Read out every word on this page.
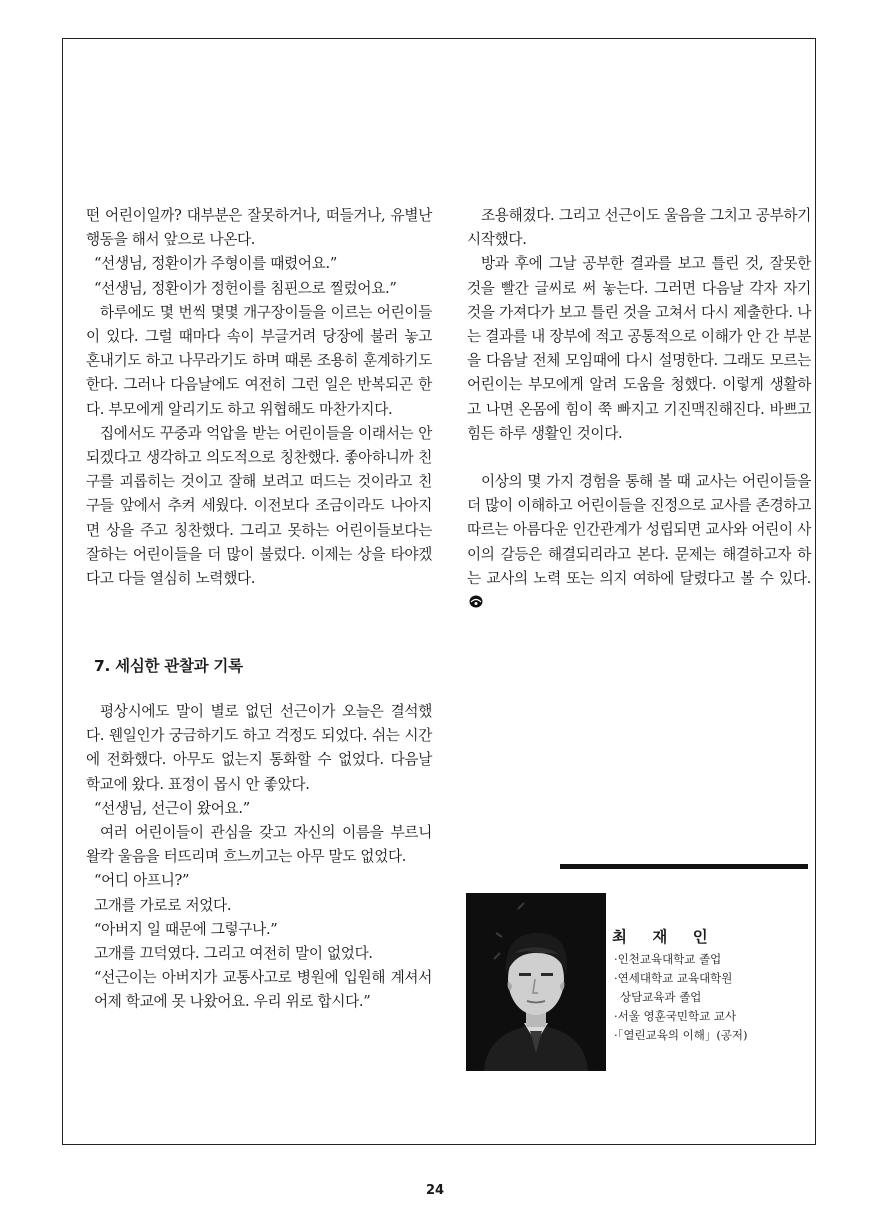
떤 어린이일까? 대부분은 잘못하거나, 떠들거나, 유별난 행동을 해서 앞으로 나온다.

“선생님, 정환이가 주형이를 때렸어요.”

“선생님, 정환이가 정헌이를 침핀으로 찔렀어요.”

하루에도 몇 번씩 몇몇 개구장이들을 이르는 어린이들이 있다. 그럴 때마다 속이 부글거려 당장에 불러 놓고 혼내기도 하고 나무라기도 하며 때론 조용히 훈계하기도 한다. 그러나 다음날에도 여전히 그런 일은 반복되곤 한다. 부모에게 알리기도 하고 위협해도 마찬가지다.

집에서도 꾸중과 억압을 받는 어린이들을 이래서는 안 되겠다고 생각하고 의도적으로 칭찬했다. 좋아하니까 친구를 괴롭히는 것이고 잘해 보려고 떠드는 것이라고 친구들 앞에서 추켜 세웠다. 이전보다 조금이라도 나아지면 상을 주고 칭찬했다. 그리고 못하는 어린이들보다는 잘하는 어린이들을 더 많이 불렀다. 이제는 상을 타야겠다고 다들 열심히 노력했다.

7. 세심한 관찰과 기록

평상시에도 말이 별로 없던 선근이가 오늘은 결석했다. 웬일인가 궁금하기도 하고 걱정도 되었다. 쉬는 시간에 전화했다. 아무도 없는지 통화할 수 없었다. 다음날 학교에 왔다. 표정이 몹시 안 좋았다.

“선생님, 선근이 왔어요.”

여러 어린이들이 관심을 갖고 자신의 이름을 부르니 왈칵 울음을 터뜨리며 흐느끼고는 아무 말도 없었다.

“어디 아프니?”

고개를 가로로 저었다.

“아버지 일 때문에 그렇구나.”

고개를 끄덕였다. 그리고 여전히 말이 없었다.

“선근이는 아버지가 교통사고로 병원에 입원해 계셔서 어제 학교에 못 나왔어요. 우리 위로 합시다.”

조용해졌다. 그리고 선근이도 울음을 그치고 공부하기 시작했다.

방과 후에 그날 공부한 결과를 보고 틀린 것, 잘못한 것을 빨간 글씨로 써 놓는다. 그러면 다음날 각자 자기 것을 가져다가 보고 틀린 것을 고쳐서 다시 제출한다. 나는 결과를 내 장부에 적고 공통적으로 이해가 안 간 부분을 다음날 전체 모임때에 다시 설명한다. 그래도 모르는 어린이는 부모에게 알려 도움을 청했다. 이렇게 생활하고 나면 온몸에 힘이 쭉 빠지고 기진맥진해진다. 바쁘고 힘든 하루 생활인 것이다.

이상의 몇 가지 경험을 통해 볼 때 교사는 어린이들을 더 많이 이해하고 어린이들을 진정으로 교사를 존경하고 따르는 아름다운 인간관계가 성립되면 교사와 어린이 사이의 갈등은 해결되리라고 본다. 문제는 해결하고자 하는 교사의 노력 또는 의지 여하에 달렸다고 볼 수 있다.

최 재 인
·인천교육대학교 졸업
·연세대학교 교육대학원
상담교육과 졸업
·서울 영훈국민학교 교사
·「열린교육의 이해」(공저)
24
